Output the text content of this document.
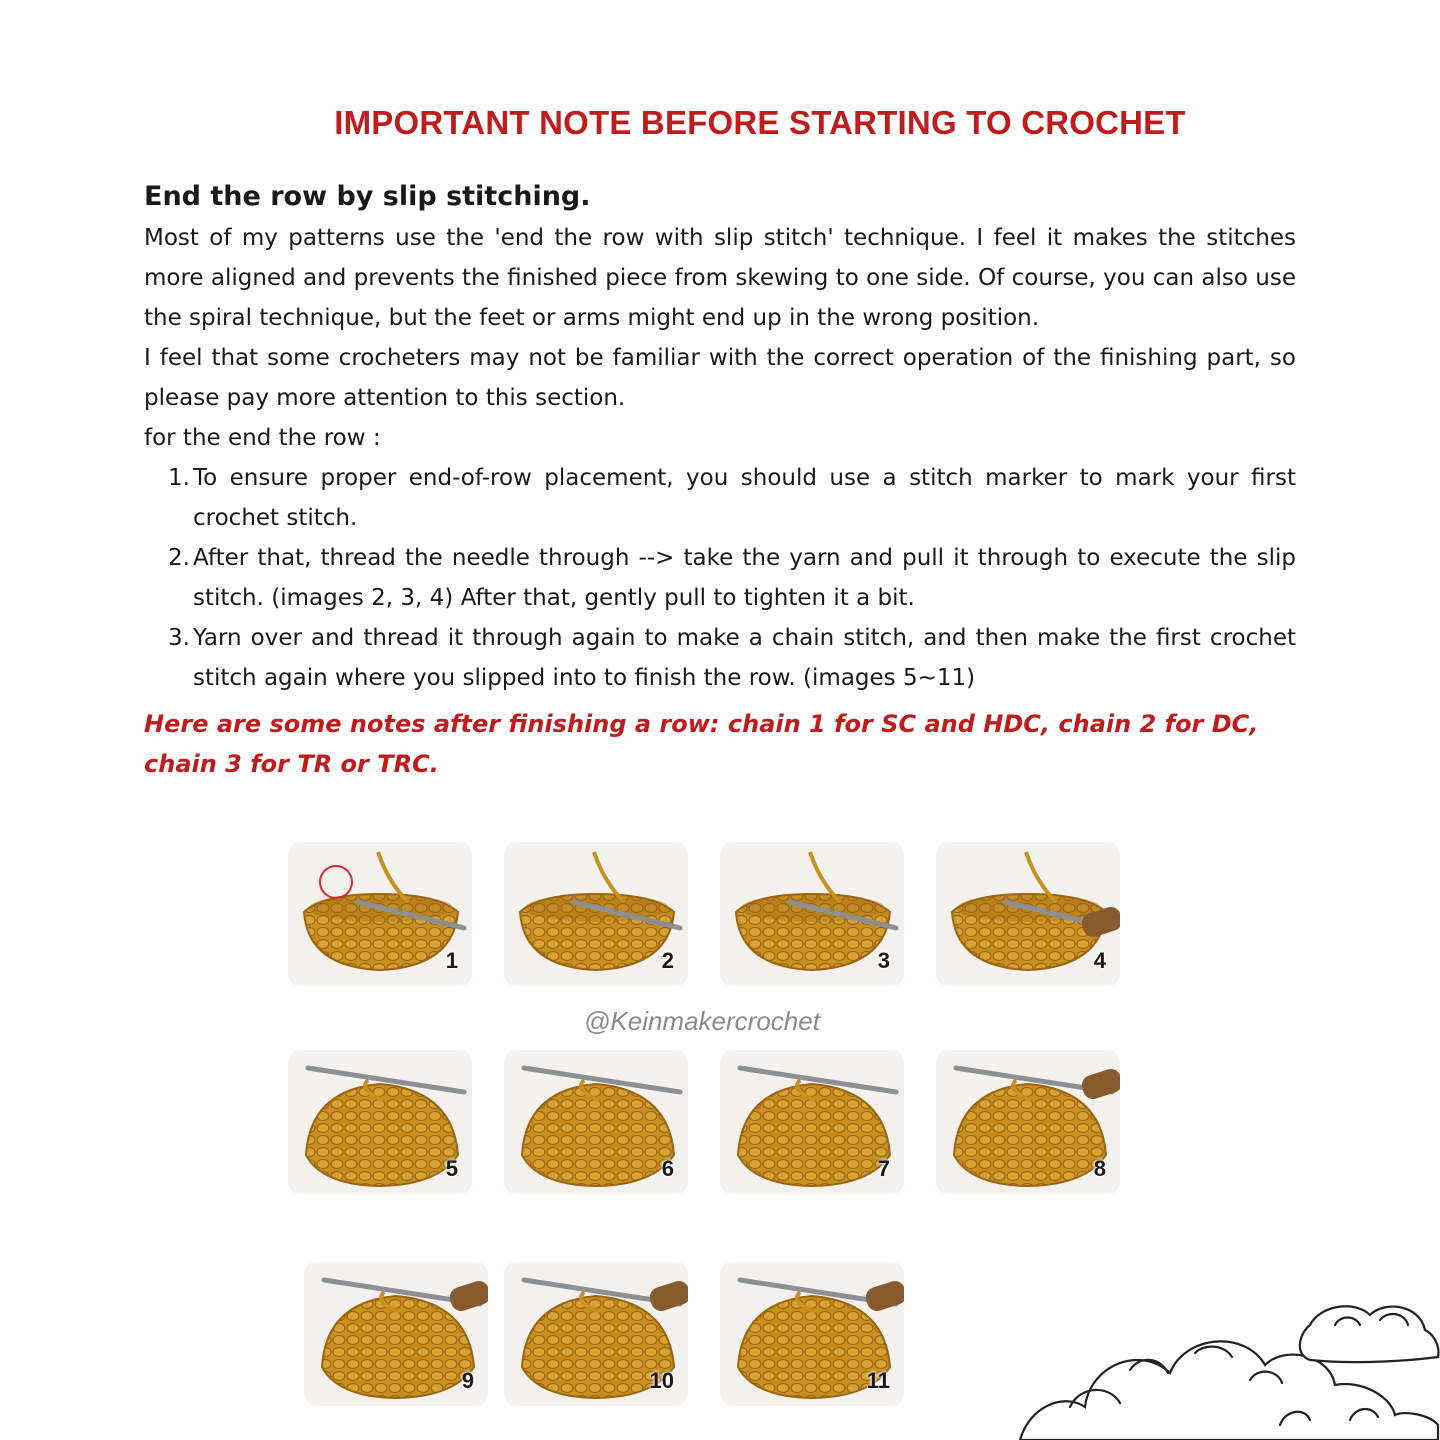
IMPORTANT NOTE BEFORE STARTING TO CROCHET
End the row by slip stitching.

Most of my patterns use the 'end the row with slip stitch' technique. I feel it makes the stitches more aligned and prevents the finished piece from skewing to one side. Of course, you can also use the spiral technique, but the feet or arms might end up in the wrong position.

I feel that some crocheters may not be familiar with the correct operation of the finishing part, so please pay more attention to this section.

for the end the row :

1. To ensure proper end-of-row placement, you should use a stitch marker to mark your first crochet stitch.
2. After that, thread the needle through --> take the yarn and pull it through to execute the slip stitch. (images 2, 3, 4) After that, gently pull to tighten it a bit.
3. Yarn over and thread it through again to make a chain stitch, and then make the first crochet stitch again where you slipped into to finish the row. (images 5~11)

Here are some notes after finishing a row: chain 1 for SC and HDC, chain 2 for DC, chain 3 for TR or TRC.

1	2	3	4
5	6	7	8
9	10	11
@Keinmakercrochet
